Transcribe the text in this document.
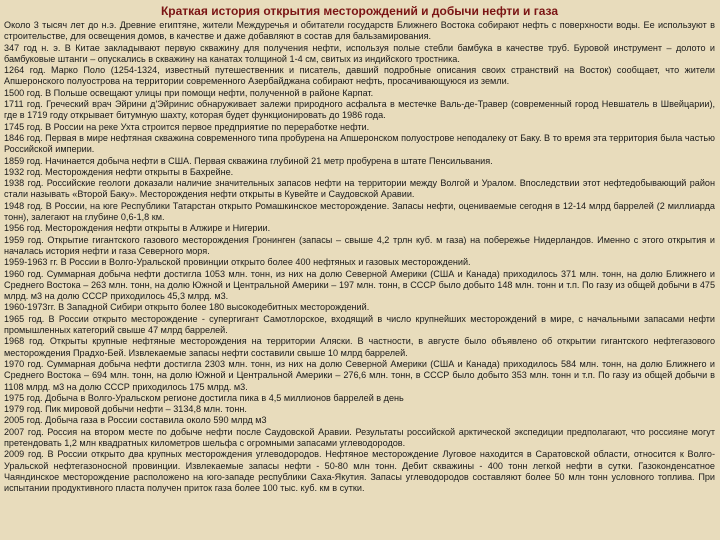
Краткая история открытия месторождений и добычи нефти и газа

Около 3 тысяч лет до н.э. Древние египтяне, жители Междуречья и обитатели государств Ближнего Востока собирают нефть с поверхности воды. Ее используют в строительстве, для освещения домов, в качестве и даже добавляют в состав для бальзамирования.

347 год н. э. В Китае закладывают первую скважину для получения нефти, используя полые стебли бамбука в качестве труб. Буровой инструмент – долото и бамбуковые штанги – опускались в скважину на канатах толщиной 1-4 см, свитых из индийского тростника.

1264 год. Марко Поло (1254-1324, известный путешественник и писатель, давший подробные описания своих странствий на Восток) сообщает, что жители Апшеронского полуострова на территории современного Азербайджана собирают нефть, просачивающуюся из земли.

1500 год. В Польше освещают улицы при помощи нефти, полученной в районе Карпат.

1711 год. Греческий врач Эйрини д'Эйринис обнаруживает залежи природного асфальта в местечке Валь-де-Травер (современный город Невшатель в Швейцарии), где в 1719 году открывает битумную шахту, которая будет функционировать до 1986 года.

1745 год. В России на реке Ухта строится первое предприятие по переработке нефти.

1846 год. Первая в мире нефтяная скважина современного типа пробурена на Апшеронском полуострове неподалеку от Баку. В то время эта территория была частью Российской империи.

1859 год. Начинается добыча нефти в США. Первая скважина глубиной 21 метр пробурена в штате Пенсильвания.

1932 год. Месторождения нефти открыты в Бахрейне.

1938 год. Российские геологи доказали наличие значительных запасов нефти на территории между Волгой и Уралом. Впоследствии этот нефтедобывающий район стали называть «Второй Баку». Месторождения нефти открыты в Кувейте и Саудовской Аравии.

1948 год. В России, на юге Республики Татарстан открыто Ромашкинское месторождение. Запасы нефти, оцениваемые сегодня в 12-14 млрд баррелей (2 миллиарда тонн), залегают на глубине 0,6-1,8 км.

1956 год. Месторождения нефти открыты в Алжире и Нигерии.

1959 год. Открытие гигантского газового месторождения Гронинген (запасы – свыше 4,2 трлн куб. м газа) на побережье Нидерландов. Именно с этого открытия и началась история нефти и газа Северного моря.

1959-1963 гг. В России в Волго-Уральской провинции открыто более 400 нефтяных и газовых месторождений.

1960 год. Суммарная добыча нефти достигла 1053 млн. тонн, из них на долю Северной Америки (США и Канада) приходилось 371 млн. тонн, на долю Ближнего и Среднего Востока – 263 млн. тонн, на долю Южной и Центральной Америки – 197 млн. тонн, в СССР было добыто 148 млн. тонн и т.п. По газу из общей добычи в 475 млрд. м3 на долю СССР приходилось 45,3 млрд. м3.

1960-1973гг. В Западной Сибири открыто более 180 высокодебитных месторождений.

1965 год. В России открыто месторождение - супергигант Самотлорское, входящий в число крупнейших месторождений в мире, с начальными запасами нефти промышленных категорий свыше 47 млрд баррелей.

1968 год. Открыты крупные нефтяные месторождения на территории Аляски. В частности, в августе было объявлено об открытии гигантского нефтегазового месторождения Прадхо-Бей. Извлекаемые запасы нефти составили свыше 10 млрд баррелей.

1970 год. Суммарная добыча нефти достигла 2303 млн. тонн, из них на долю Северной Америки (США и Канада) приходилось 584 млн. тонн, на долю Ближнего и Среднего Востока – 694 млн. тонн, на долю Южной и Центральной Америки – 276,6 млн. тонн, в СССР было добыто 353 млн. тонн и т.п. По газу из общей добычи в 1108 млрд. м3 на долю СССР приходилось 175 млрд. м3.

1975 год. Добыча в Волго-Уральском регионе достигла пика в 4,5 миллионов баррелей в день

1979 год. Пик мировой добычи нефти – 3134,8 млн. тонн.

2005 год. Добыча газа в России составила около 590 млрд м3

2007 год. Россия на втором месте по добыче нефти после Саудовской Аравии. Результаты российской арктической экспедиции предполагают, что россияне могут претендовать 1,2 млн квадратных километров шельфа с огромными запасами углеводородов.

2009 год. В России открыто два крупных месторождения углеводородов. Нефтяное месторождение Луговое находится в Саратовской области, относится к Волго-Уральской нефтегазоносной провинции. Извлекаемые запасы нефти - 50-80 млн тонн. Дебит скважины - 400 тонн легкой нефти в сутки. Газоконденсатное Чаяндинское месторождение расположено на юго-западе республики Саха-Якутия. Запасы углеводородов составляют более 50 млн тонн условного топлива. При испытании продуктивного пласта получен приток газа более 100 тыс. куб. км в сутки.
